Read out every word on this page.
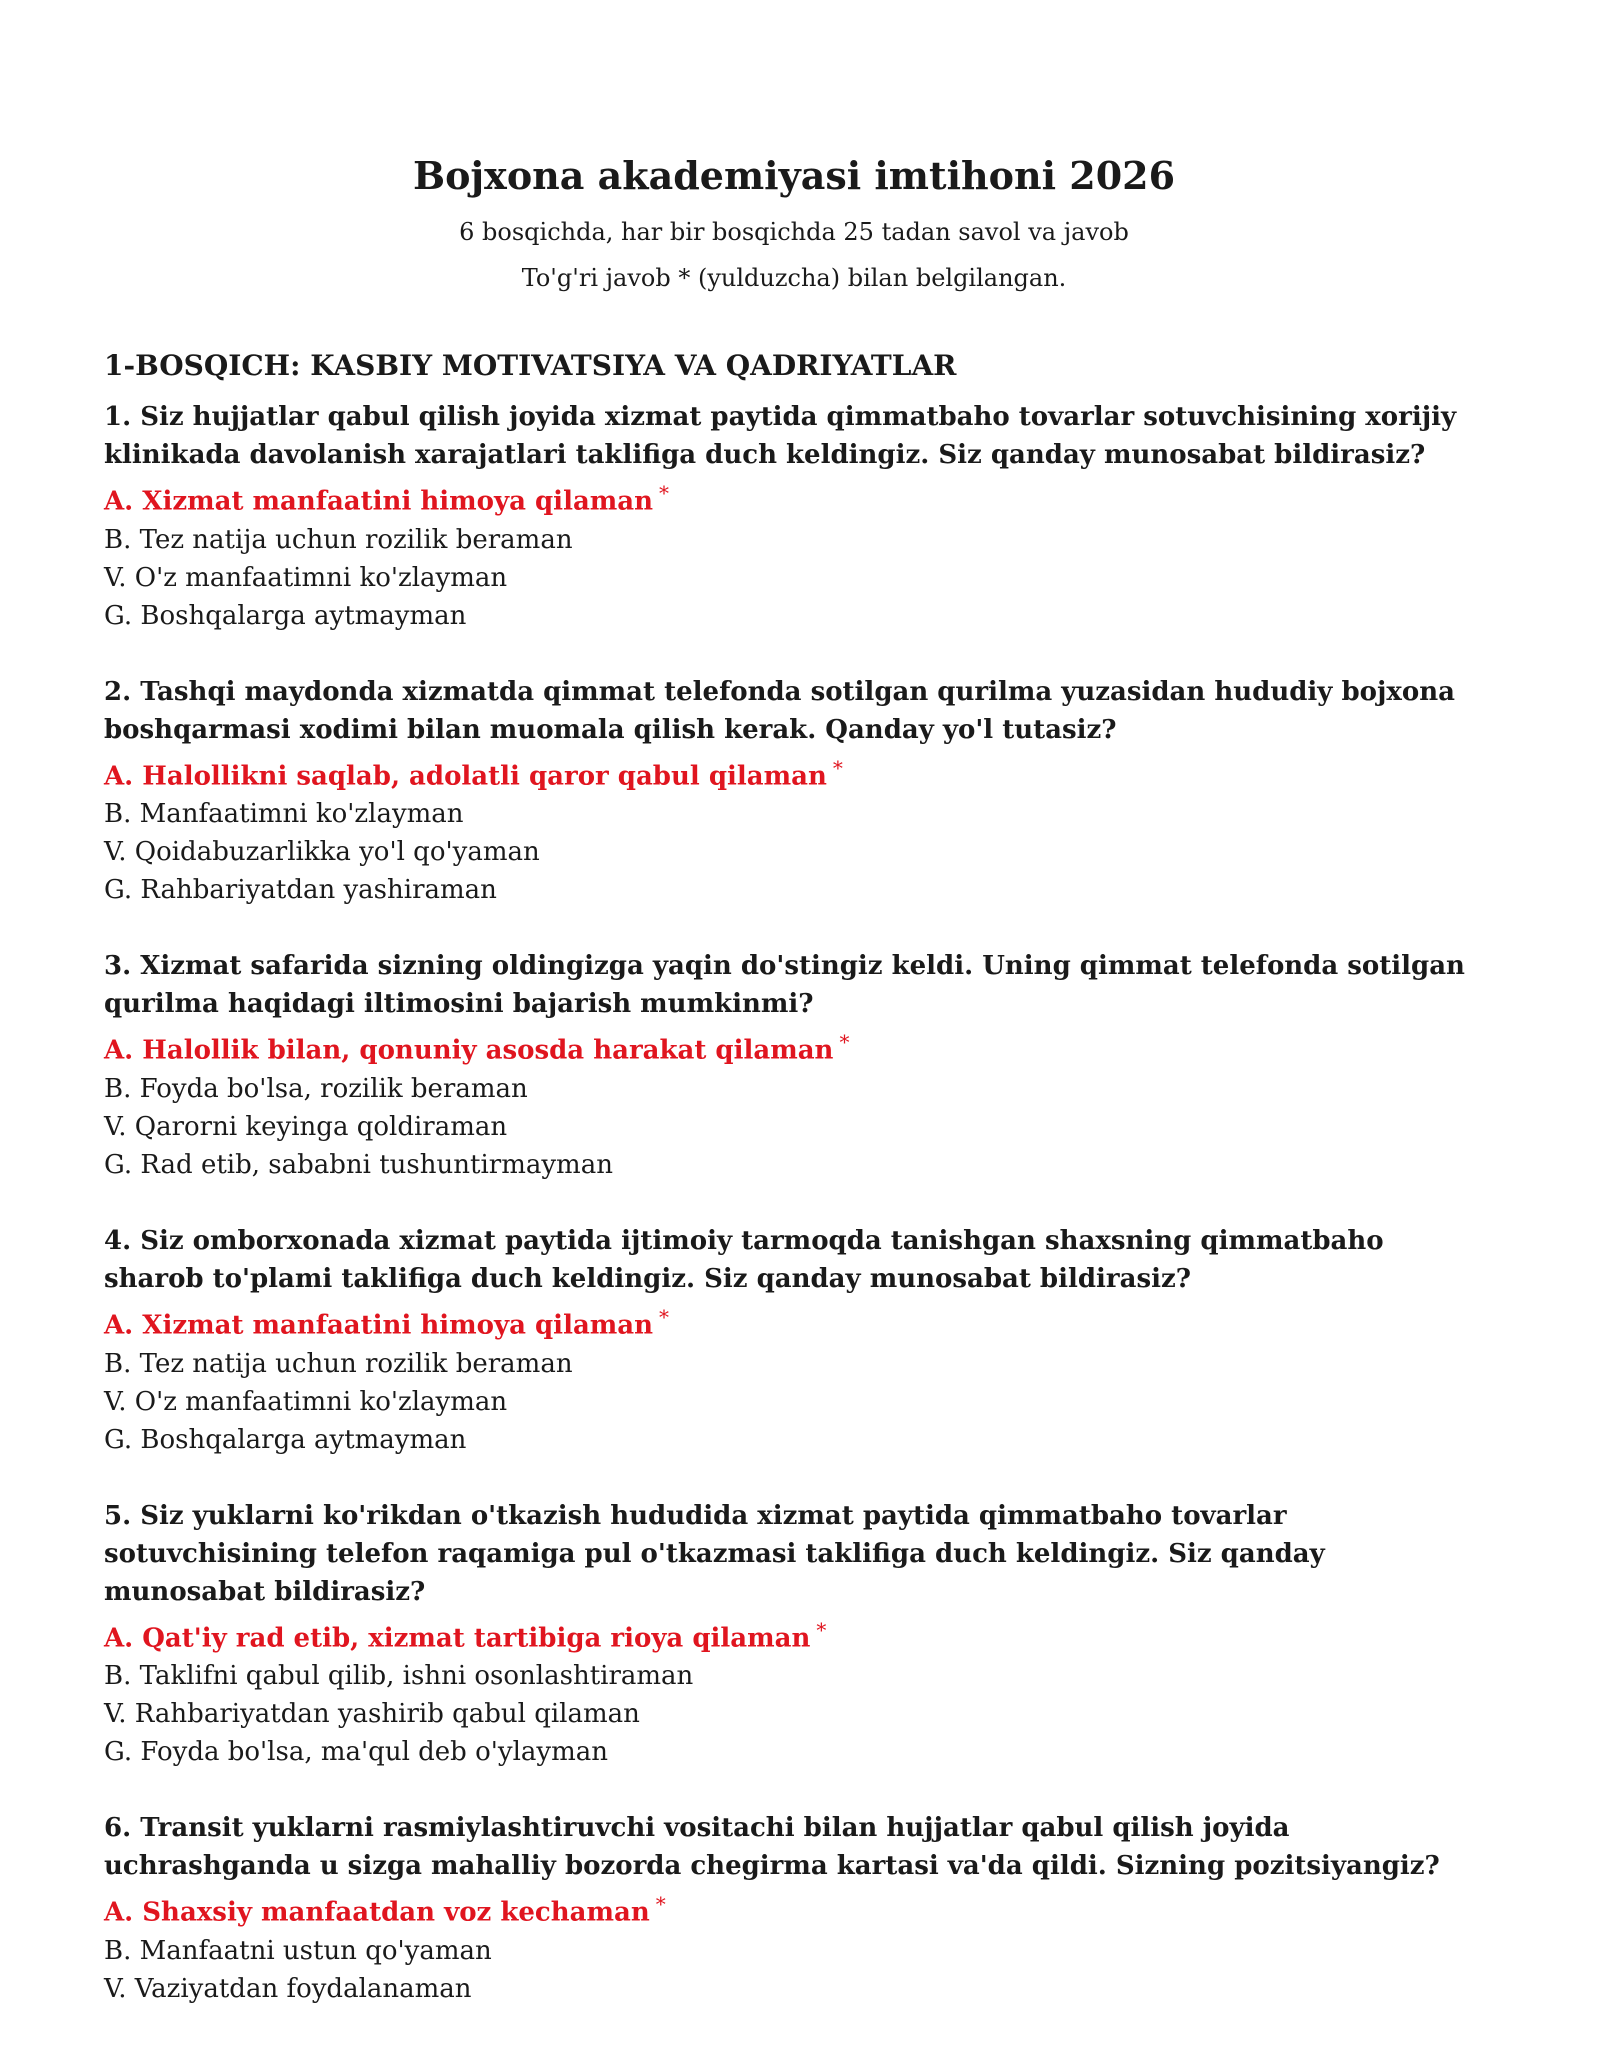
Bojxona akademiyasi imtihoni 2026

6 bosqichda, har bir bosqichda 25 tadan savol va javob

To'g'ri javob * (yulduzcha) bilan belgilangan.

1-BOSQICH: KASBIY MOTIVATSIYA VA QADRIYATLAR

1. Siz hujjatlar qabul qilish joyida xizmat paytida qimmatbaho tovarlar sotuvchisining xorijiy klinikada davolanish xarajatlari taklifiga duch keldingiz. Siz qanday munosabat bildirasiz?

A. Xizmat manfaatini himoya qilaman *

B. Tez natija uchun rozilik beraman

V. O'z manfaatimni ko'zlayman

G. Boshqalarga aytmayman

2. Tashqi maydonda xizmatda qimmat telefonda sotilgan qurilma yuzasidan hududiy bojxona boshqarmasi xodimi bilan muomala qilish kerak. Qanday yo'l tutasiz?

A. Halollikni saqlab, adolatli qaror qabul qilaman *

B. Manfaatimni ko'zlayman

V. Qoidabuzarlikka yo'l qo'yaman

G. Rahbariyatdan yashiraman

3. Xizmat safarida sizning oldingizga yaqin do'stingiz keldi. Uning qimmat telefonda sotilgan qurilma haqidagi iltimosini bajarish mumkinmi?

A. Halollik bilan, qonuniy asosda harakat qilaman *

B. Foyda bo'lsa, rozilik beraman

V. Qarorni keyinga qoldiraman

G. Rad etib, sababni tushuntirmayman

4. Siz omborxonada xizmat paytida ijtimoiy tarmoqda tanishgan shaxsning qimmatbaho sharob to'plami taklifiga duch keldingiz. Siz qanday munosabat bildirasiz?

A. Xizmat manfaatini himoya qilaman *

B. Tez natija uchun rozilik beraman

V. O'z manfaatimni ko'zlayman

G. Boshqalarga aytmayman

5. Siz yuklarni ko'rikdan o'tkazish hududida xizmat paytida qimmatbaho tovarlar sotuvchisining telefon raqamiga pul o'tkazmasi taklifiga duch keldingiz. Siz qanday munosabat bildirasiz?

A. Qat'iy rad etib, xizmat tartibiga rioya qilaman *

B. Taklifni qabul qilib, ishni osonlashtiraman

V. Rahbariyatdan yashirib qabul qilaman

G. Foyda bo'lsa, ma'qul deb o'ylayman

6. Transit yuklarni rasmiylashtiruvchi vositachi bilan hujjatlar qabul qilish joyida uchrashganda u sizga mahalliy bozorda chegirma kartasi va'da qildi. Sizning pozitsiyangiz?

A. Shaxsiy manfaatdan voz kechaman *

B. Manfaatni ustun qo'yaman

V. Vaziyatdan foydalanaman
